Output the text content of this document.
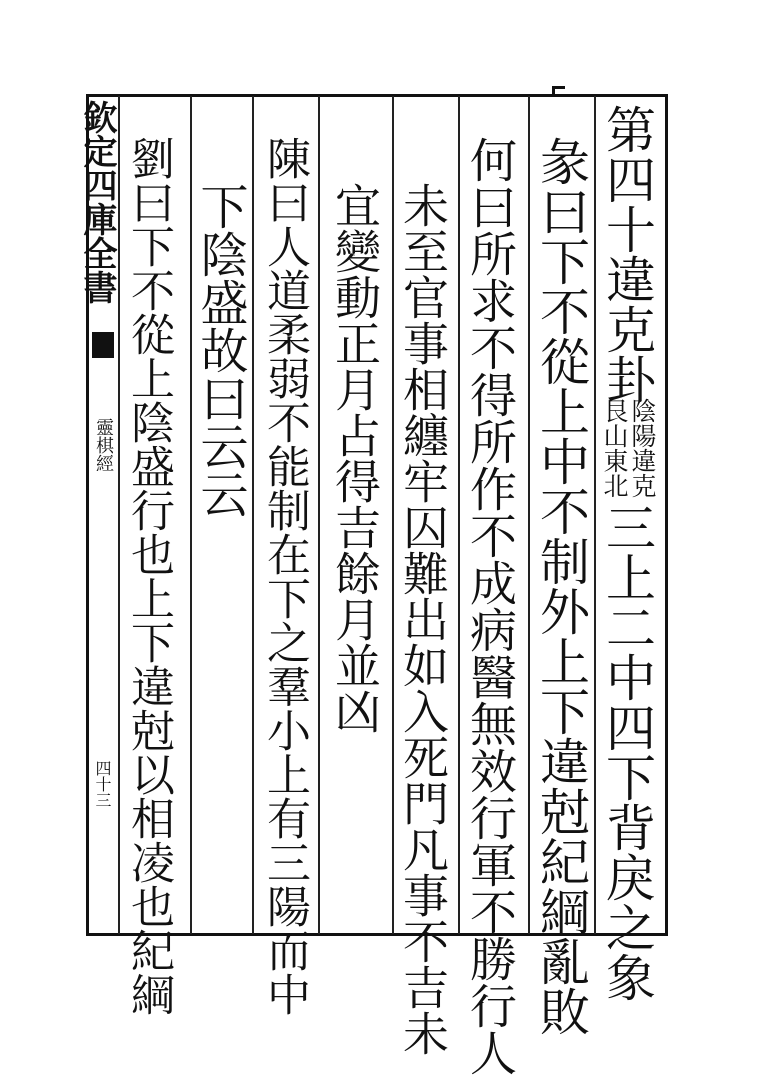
欽定四庫全書
靈棋經
四十三
第四十違克卦
陰陽違克
艮山東北
三上二中四下背戾之象
彖曰下不從上中不制外上下違尅紀綱亂敗
何曰所求不得所作不成病醫無效行軍不勝行人
未至官事相纏牢囚難出如入死門凡事不吉未
宜變動正月占得吉餘月並凶
陳曰人道柔弱不能制在下之羣小上有三陽而中
下陰盛故曰云云
劉曰下不從上陰盛行也上下違尅以相凌也紀綱
